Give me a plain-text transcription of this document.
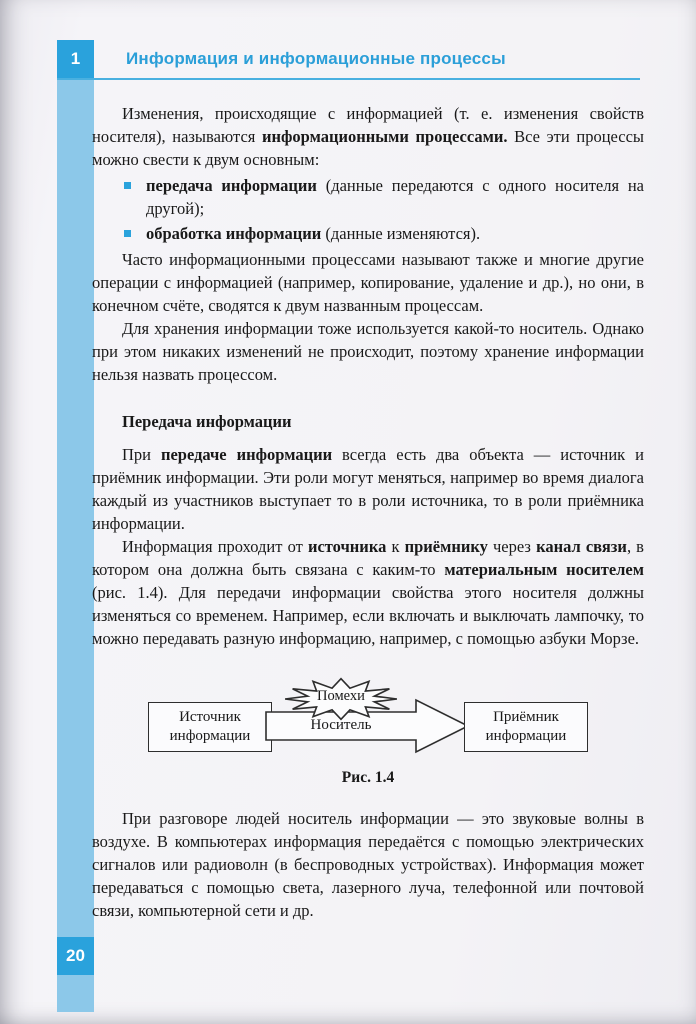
1	Информация и информационные процессы

Изменения, происходящие с информацией (т. е. изменения свойств носителя), называются информационными процессами. Все эти процессы можно свести к двум основным:

передача информации (данные передаются с одного носителя на другой);
обработка информации (данные изменяются).

Часто информационными процессами называют также и многие другие операции с информацией (например, копирование, удаление и др.), но они, в конечном счёте, сводятся к двум названным процессам.

Для хранения информации тоже используется какой-то носитель. Однако при этом никаких изменений не происходит, поэтому хранение информации нельзя назвать процессом.

Передача информации

При передаче информации всегда есть два объекта — источник и приёмник информации. Эти роли могут меняться, например во время диалога каждый из участников выступает то в роли источника, то в роли приёмника информации.

Информация проходит от источника к приёмнику через канал связи, в котором она должна быть связана с каким-то материальным носителем (рис. 1.4). Для передачи информации свойства этого носителя должны изменяться со временем. Например, если включать и выключать лампочку, то можно передавать разную информацию, например, с помощью азбуки Морзе.

Источник информации
Помехи
Носитель	Приёмник информации
Рис. 1.4

При разговоре людей носитель информации — это звуковые волны в воздухе. В компьютерах информация передаётся с помощью электрических сигналов или радиоволн (в беспроводных устройствах). Информация может передаваться с помощью света, лазерного луча, телефонной или почтовой связи, компьютерной сети и др.

20
